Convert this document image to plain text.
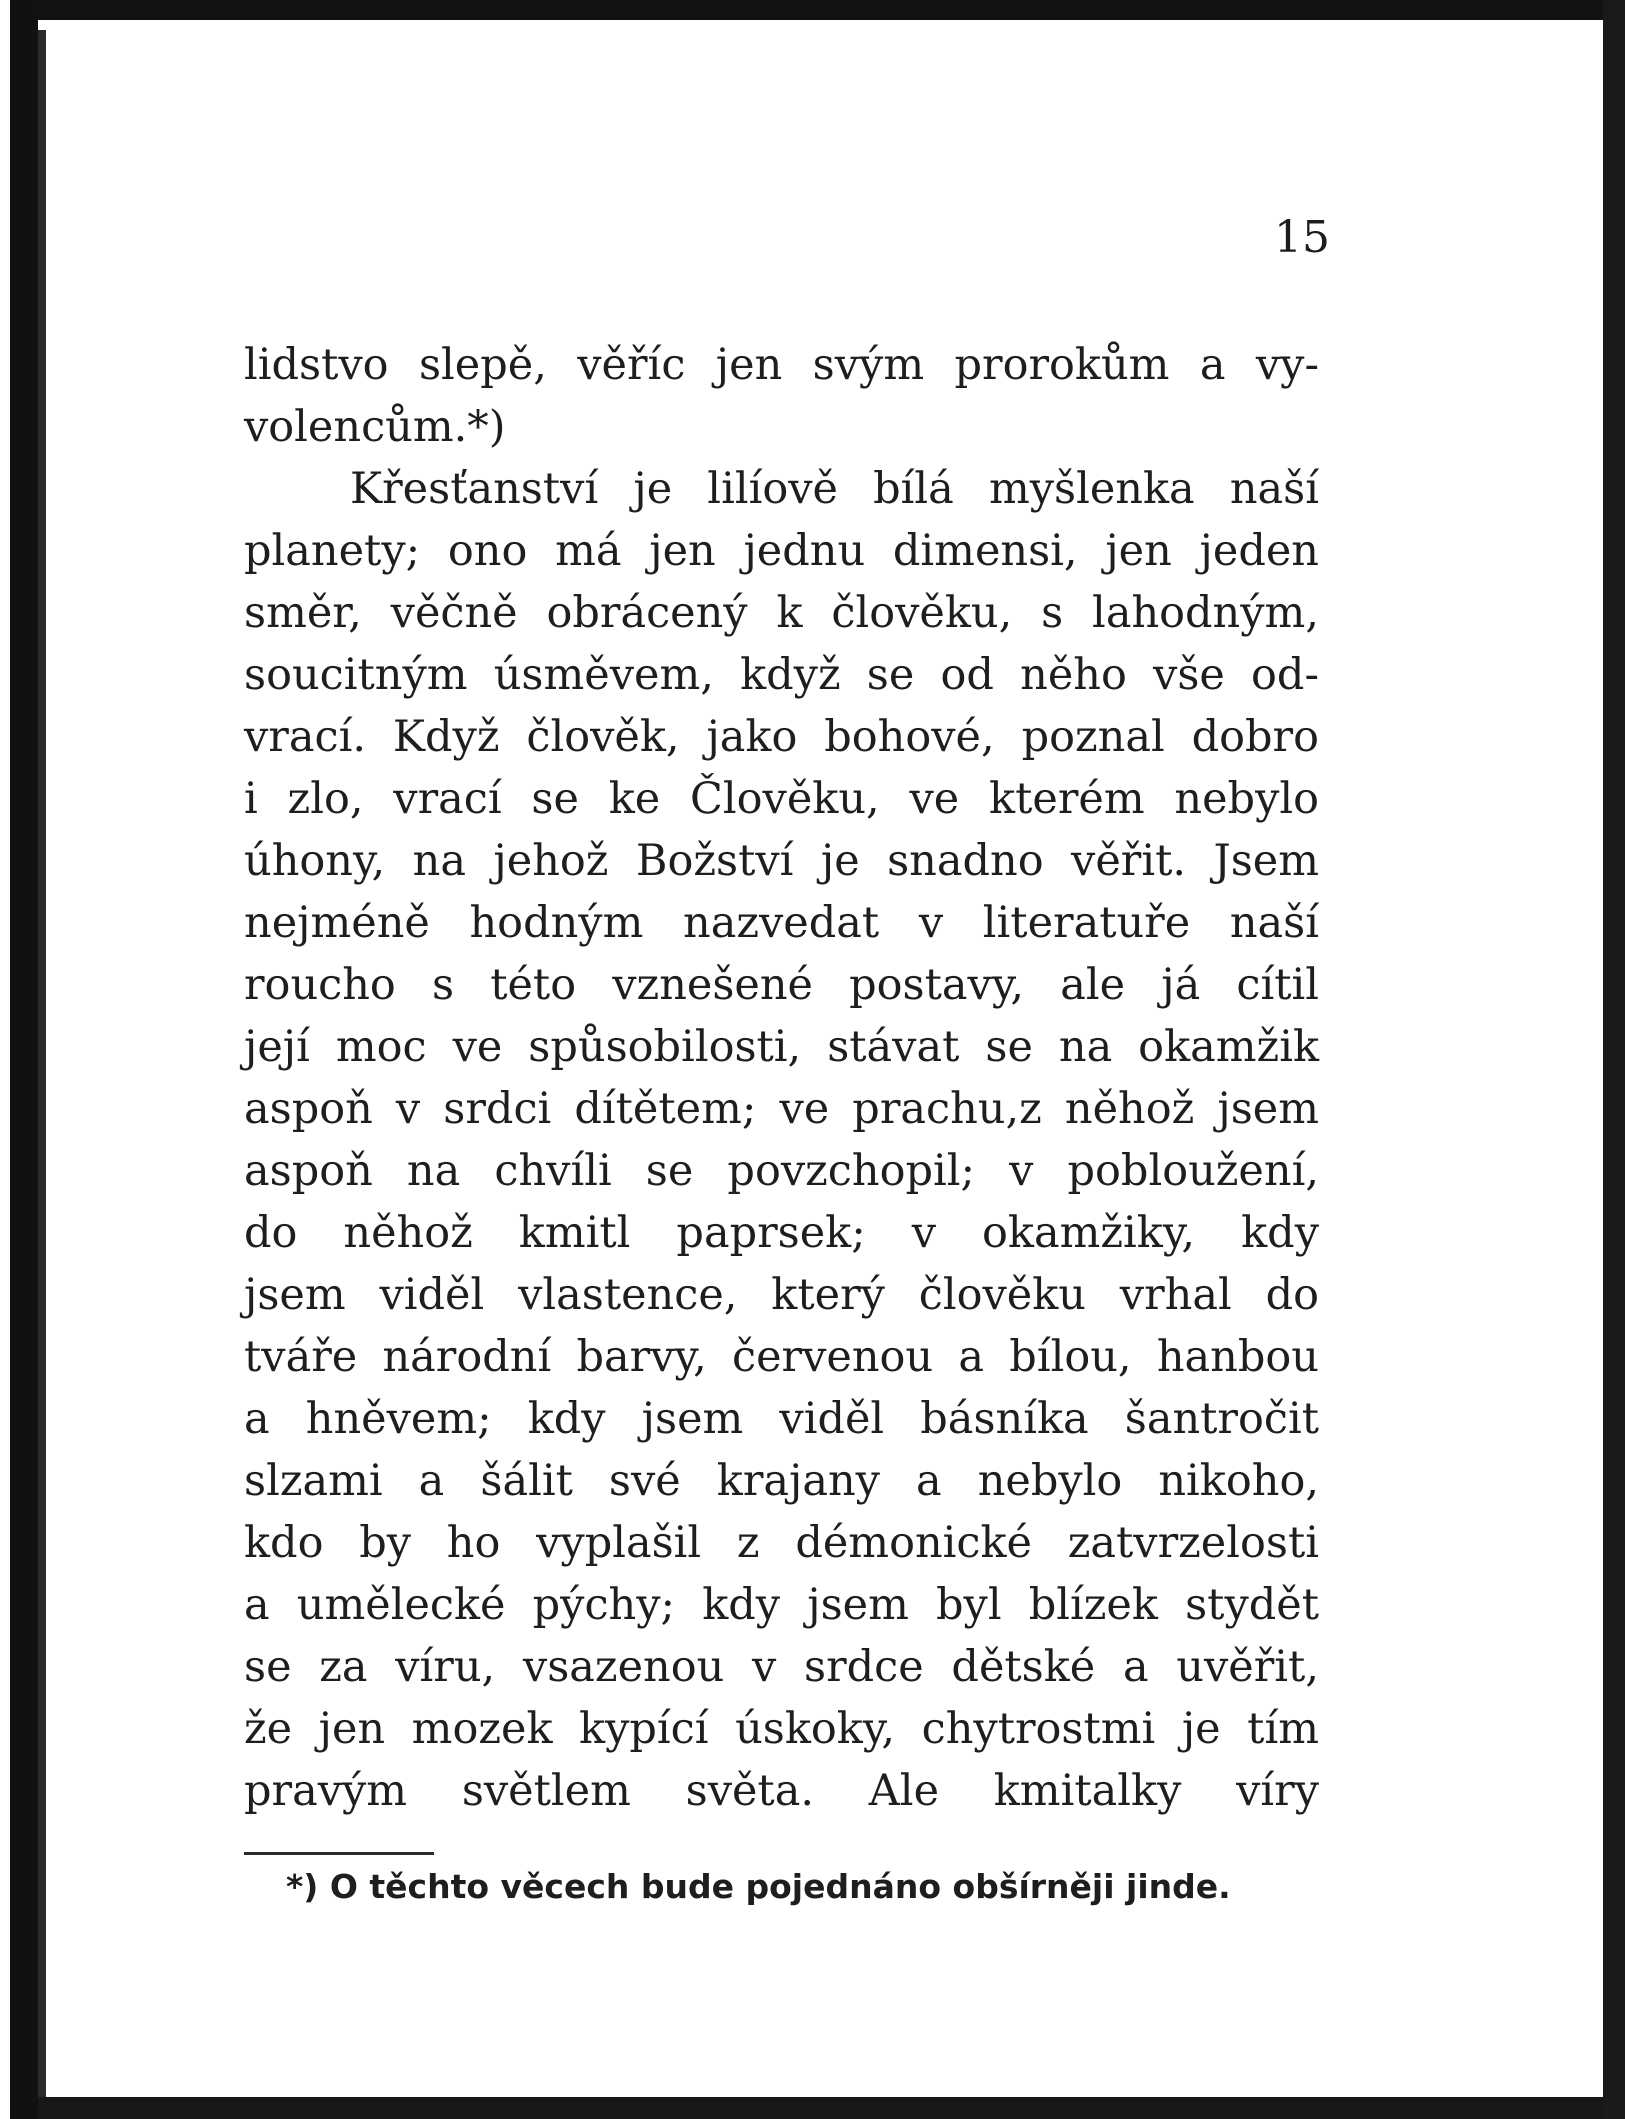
15

lidstvo slepě, věříc jen svým prorokům a vy-
volencům.*)
Křesťanství je lilíově bílá myšlenka naší
planety; ono má jen jednu dimensi, jen jeden
směr, věčně obrácený k člověku, s lahodným,
soucitným úsměvem, když se od něho vše od-
vrací. Když člověk, jako bohové, poznal dobro
i zlo, vrací se ke Člověku, ve kterém nebylo
úhony, na jehož Božství je snadno věřit. Jsem
nejméně hodným nazvedat v literatuře naší
roucho s této vznešené postavy, ale já cítil
její moc ve spůsobilosti, stávat se na okamžik
aspoň v srdci dítětem; ve prachu,z něhož jsem
aspoň na chvíli se povzchopil; v pobloužení,
do něhož kmitl paprsek; v okamžiky, kdy
jsem viděl vlastence, který člověku vrhal do
tváře národní barvy, červenou a bílou, hanbou
a hněvem; kdy jsem viděl básníka šantročit
slzami a šálit své krajany a nebylo nikoho,
kdo by ho vyplašil z démonické zatvrzelosti
a umělecké pýchy; kdy jsem byl blízek stydět
se za víru, vsazenou v srdce dětské a uvěřit,
že jen mozek kypící úskoky, chytrostmi je tím
pravým světlem světa. Ale kmitalky víry
*) O těchto věcech bude pojednáno obšírněji jinde.
